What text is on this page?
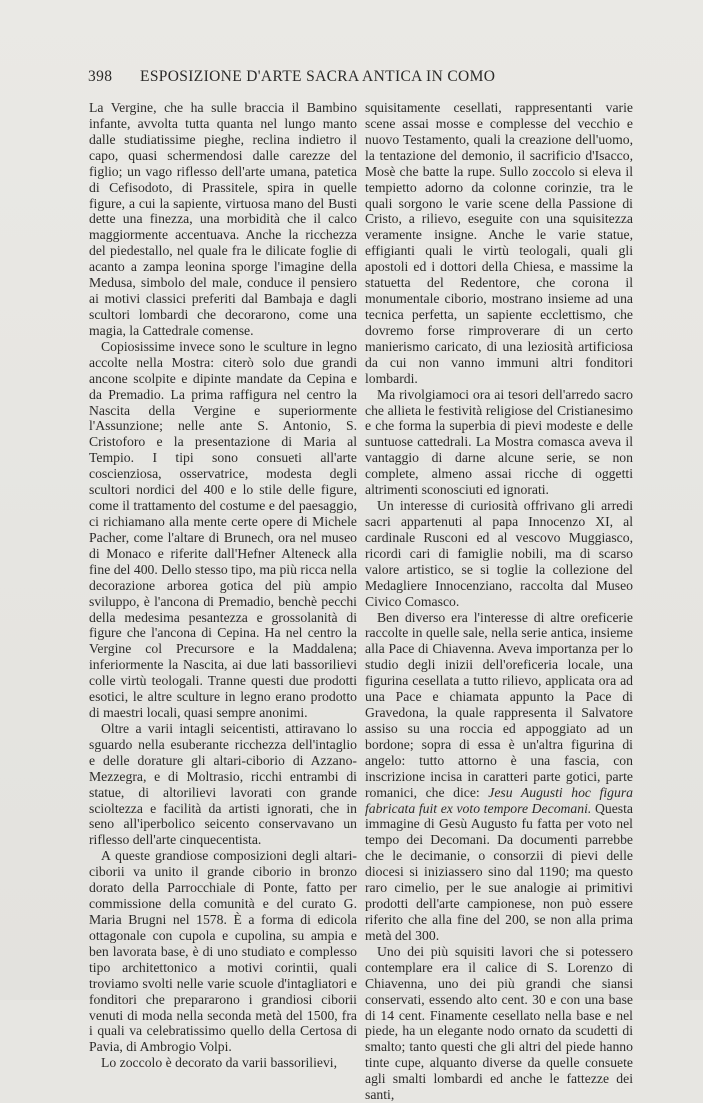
398 ESPOSIZIONE D'ARTE SACRA ANTICA IN COMO

La Vergine, che ha sulle braccia il Bambino infante, avvolta tutta quanta nel lungo manto dalle studiatissime pieghe, reclina indietro il capo, quasi schermendosi dalle carezze del figlio; un vago riflesso dell'arte umana, patetica di Cefisodoto, di Prassitele, spira in quelle figure, a cui la sapiente, virtuosa mano del Busti dette una finezza, una morbidità che il calco maggiormente accentuava. Anche la ricchezza del piedestallo, nel quale fra le dilicate foglie di acanto a zampa leonina sporge l'imagine della Medusa, simbolo del male, conduce il pensiero ai motivi classici preferiti dal Bambaja e dagli scultori lombardi che decorarono, come una magia, la Cattedrale comense.

Copiosissime invece sono le sculture in legno accolte nella Mostra: citerò solo due grandi ancone scolpite e dipinte mandate da Cepina e da Premadio. La prima raffigura nel centro la Nascita della Vergine e superiormente l'Assunzione; nelle ante S. Antonio, S. Cristoforo e la presentazione di Maria al Tempio. I tipi sono consueti all'arte coscienziosa, osservatrice, modesta degli scultori nordici del 400 e lo stile delle figure, come il trattamento del costume e del paesaggio, ci richiamano alla mente certe opere di Michele Pacher, come l'altare di Brunech, ora nel museo di Monaco e riferite dall'Hefner Alteneck alla fine del 400. Dello stesso tipo, ma più ricca nella decorazione arborea gotica del più ampio sviluppo, è l'ancona di Premadio, benchè pecchi della medesima pesantezza e grossolanità di figure che l'ancona di Cepina. Ha nel centro la Vergine col Precursore e la Maddalena; inferiormente la Nascita, ai due lati bassorilievi colle virtù teologali. Tranne questi due prodotti esotici, le altre sculture in legno erano prodotto di maestri locali, quasi sempre anonimi.

Oltre a varii intagli seicentisti, attiravano lo sguardo nella esuberante ricchezza dell'intaglio e delle dorature gli altari-ciborio di Azzano-Mezzegra, e di Moltrasio, ricchi entrambi di statue, di altorilievi lavorati con grande scioltezza e facilità da artisti ignorati, che in seno all'iperbolico seicento conservavano un riflesso dell'arte cinquecentista.

A queste grandiose composizioni degli altari-ciborii va unito il grande ciborio in bronzo dorato della Parrocchiale di Ponte, fatto per commissione della comunità e del curato G. Maria Brugni nel 1578. È a forma di edicola ottagonale con cupola e cupolina, su ampia e ben lavorata base, è di uno studiato e complesso tipo architettonico a motivi corintii, quali troviamo svolti nelle varie scuole d'intagliatori e fonditori che prepararono i grandiosi ciborii venuti di moda nella seconda metà del 1500, fra i quali va celebratissimo quello della Certosa di Pavia, di Ambrogio Volpi.

Lo zoccolo è decorato da varii bassorilievi,

squisitamente cesellati, rappresentanti varie scene assai mosse e complesse del vecchio e nuovo Testamento, quali la creazione dell'uomo, la tentazione del demonio, il sacrificio d'Isacco, Mosè che batte la rupe. Sullo zoccolo si eleva il tempietto adorno da colonne corinzie, tra le quali sorgono le varie scene della Passione di Cristo, a rilievo, eseguite con una squisitezza veramente insigne. Anche le varie statue, effigianti quali le virtù teologali, quali gli apostoli ed i dottori della Chiesa, e massime la statuetta del Redentore, che corona il monumentale ciborio, mostrano insieme ad una tecnica perfetta, un sapiente ecclettismo, che dovremo forse rimproverare di un certo manierismo caricato, di una leziosità artificiosa da cui non vanno immuni altri fonditori lombardi.

Ma rivolgiamoci ora ai tesori dell'arredo sacro che allieta le festività religiose del Cristianesimo e che forma la superbia di pievi modeste e delle suntuose cattedrali. La Mostra comasca aveva il vantaggio di darne alcune serie, se non complete, almeno assai ricche di oggetti altrimenti sconosciuti ed ignorati.

Un interesse di curiosità offrivano gli arredi sacri appartenuti al papa Innocenzo XI, al cardinale Rusconi ed al vescovo Muggiasco, ricordi cari di famiglie nobili, ma di scarso valore artistico, se si toglie la collezione del Medagliere Innocenziano, raccolta dal Museo Civico Comasco.

Ben diverso era l'interesse di altre oreficerie raccolte in quelle sale, nella serie antica, insieme alla Pace di Chiavenna. Aveva importanza per lo studio degli inizii dell'oreficeria locale, una figurina cesellata a tutto rilievo, applicata ora ad una Pace e chiamata appunto la Pace di Gravedona, la quale rappresenta il Salvatore assiso su una roccia ed appoggiato ad un bordone; sopra di essa è un'altra figurina di angelo: tutto attorno è una fascia, con inscrizione incisa in caratteri parte gotici, parte romanici, che dice: Jesu Augusti hoc figura fabricata fuit ex voto tempore Decomani. Questa immagine di Gesù Augusto fu fatta per voto nel tempo dei Decomani. Da documenti parrebbe che le decimanie, o consorzii di pievi delle diocesi si iniziassero sino dal 1190; ma questo raro cimelio, per le sue analogie ai primitivi prodotti dell'arte campionese, non può essere riferito che alla fine del 200, se non alla prima metà del 300.

Uno dei più squisiti lavori che si potessero contemplare era il calice di S. Lorenzo di Chiavenna, uno dei più grandi che siansi conservati, essendo alto cent. 30 e con una base di 14 cent. Finamente cesellato nella base e nel piede, ha un elegante nodo ornato da scudetti di smalto; tanto questi che gli altri del piede hanno tinte cupe, alquanto diverse da quelle consuete agli smalti lombardi ed anche le fattezze dei santi,
